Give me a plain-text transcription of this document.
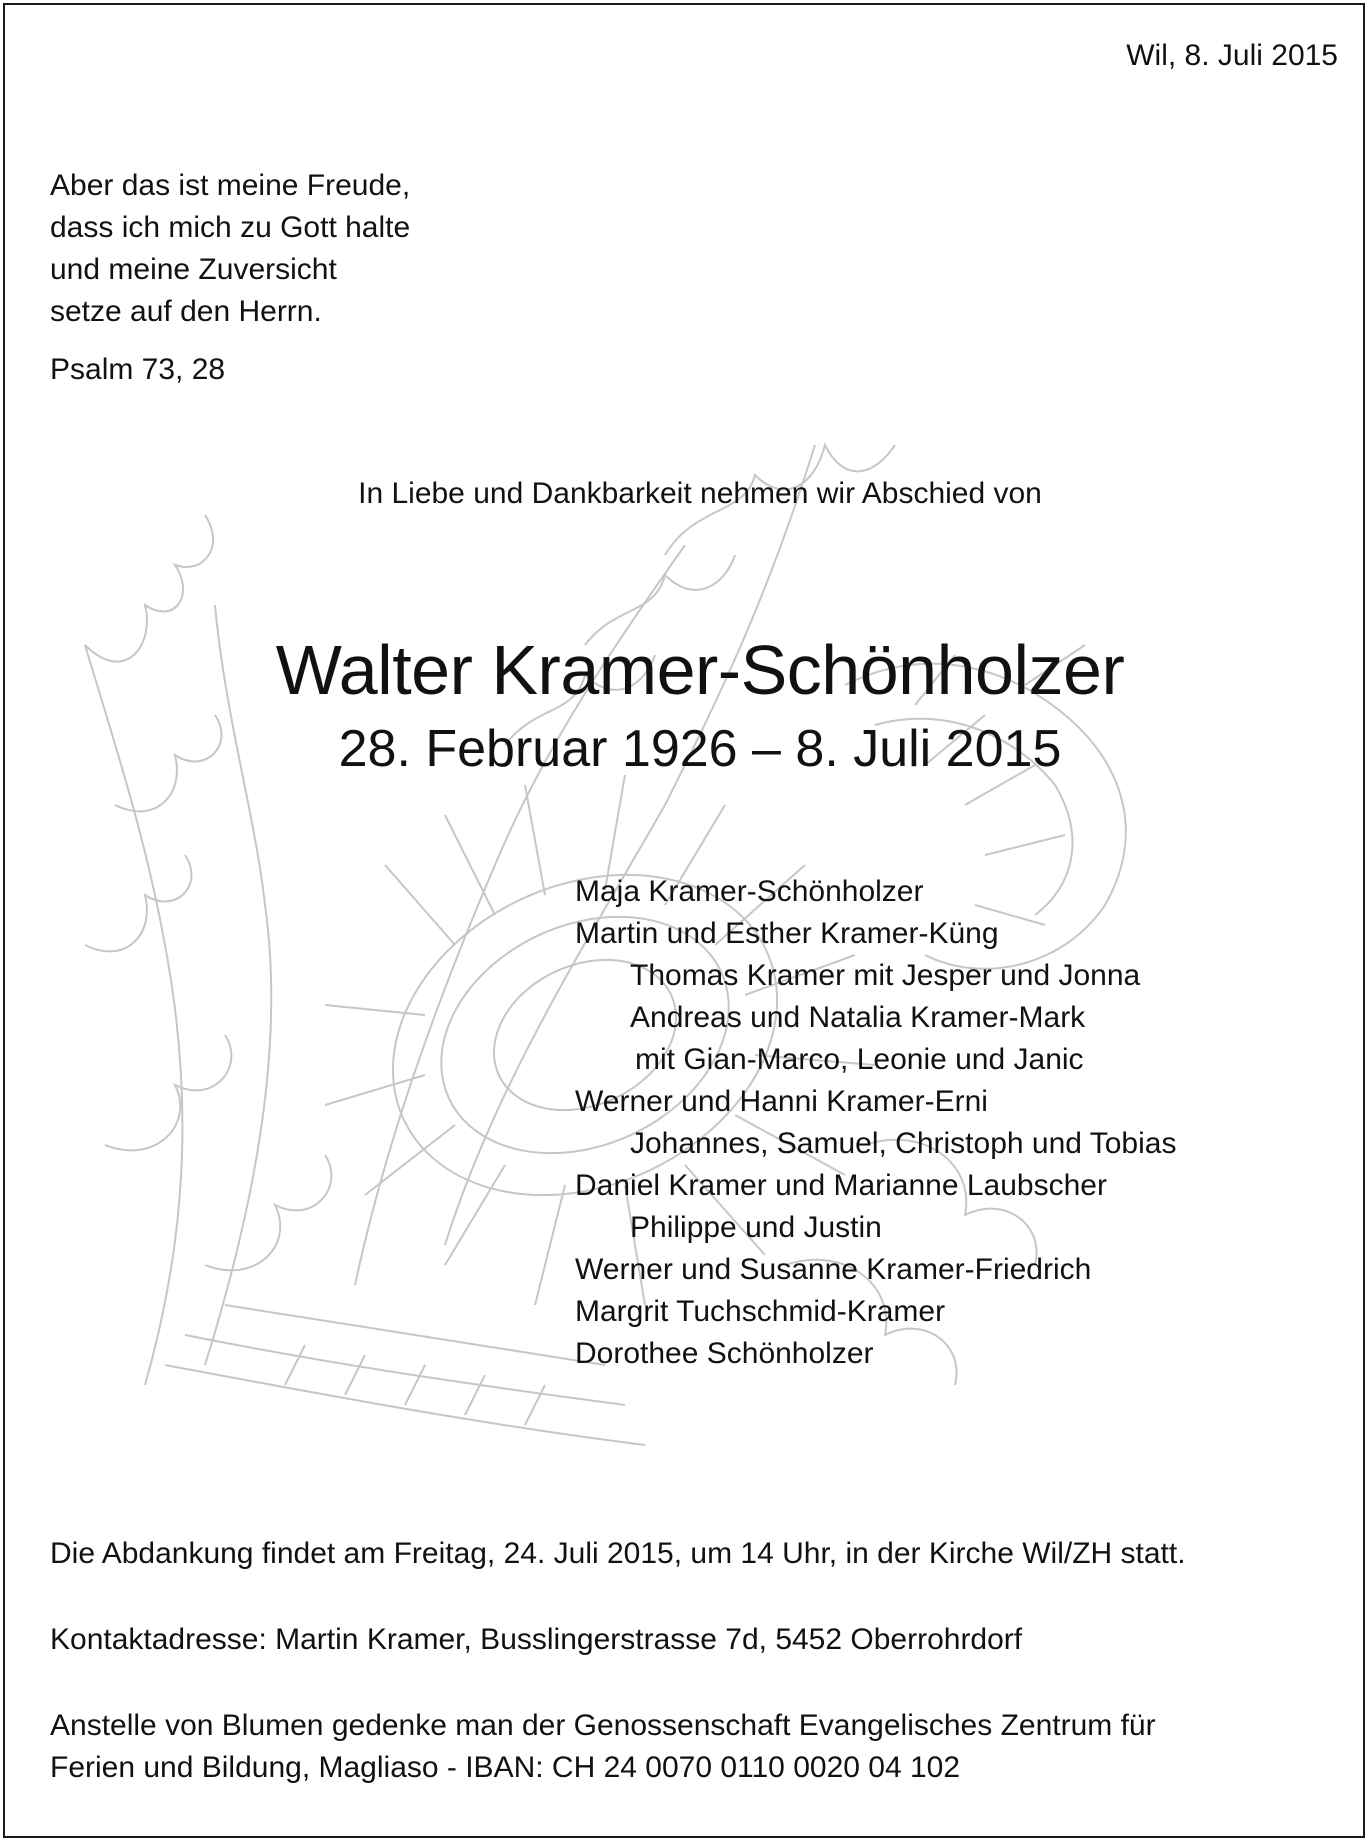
Wil, 8. Juli 2015
Aber das ist meine Freude,
dass ich mich zu Gott halte
und meine Zuversicht
setze auf den Herrn.
Psalm 73, 28
In Liebe und Dankbarkeit nehmen wir Abschied von
Walter Kramer-Schönholzer
28. Februar 1926 – 8. Juli 2015
Maja Kramer-Schönholzer
Martin und Esther Kramer-Küng
Thomas Kramer mit Jesper und Jonna
Andreas und Natalia Kramer-Mark
mit Gian-Marco, Leonie und Janic
Werner und Hanni Kramer-Erni
Johannes, Samuel, Christoph und Tobias
Daniel Kramer und Marianne Laubscher
Philippe und Justin
Werner und Susanne Kramer-Friedrich
Margrit Tuchschmid-Kramer
Dorothee Schönholzer
Die Abdankung findet am Freitag, 24. Juli 2015, um 14 Uhr, in der Kirche Wil/ZH statt.
Kontaktadresse: Martin Kramer, Busslingerstrasse 7d, 5452 Oberrohrdorf
Anstelle von Blumen gedenke man der Genossenschaft Evangelisches Zentrum für
Ferien und Bildung, Magliaso - IBAN: CH 24 0070 0110 0020 04 102
